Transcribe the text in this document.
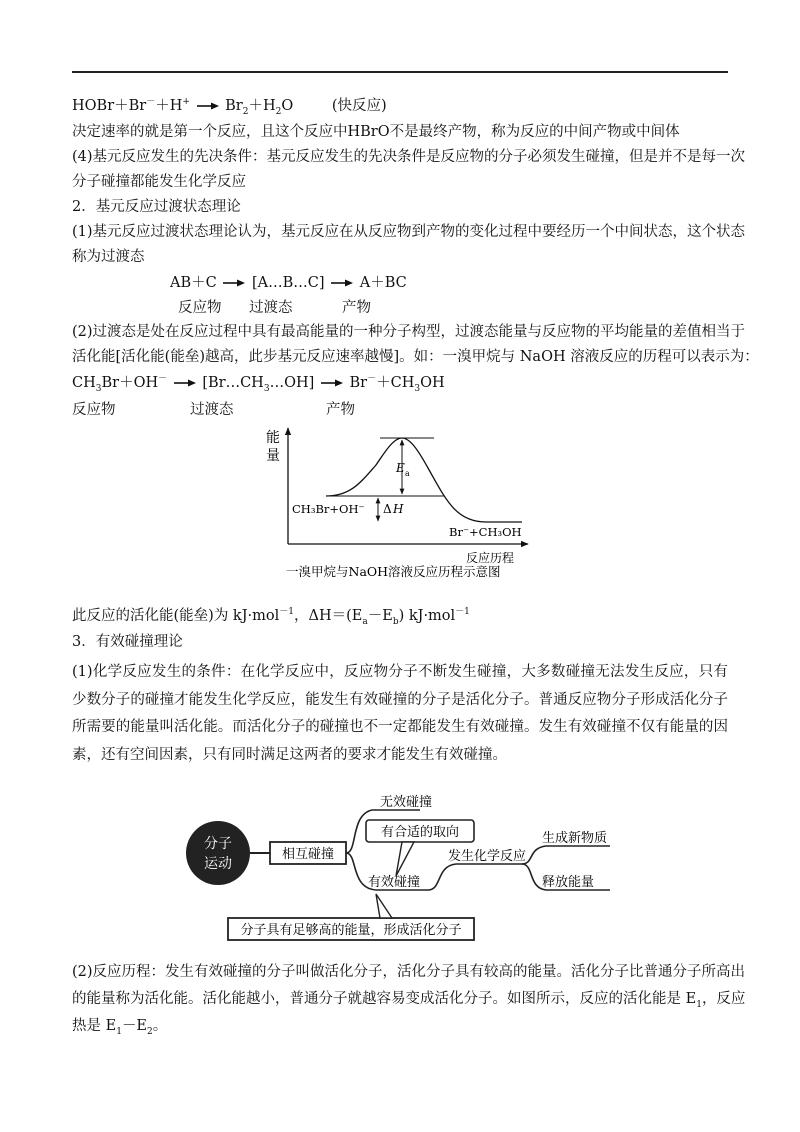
HOBr＋Br－＋H+ → $Br_2+H_2O$	(快反应)
决定速率的就是第一个反应，且这个反应中HBrO不是最终产物，称为反应的中间产物或中间体
(4)基元反应发生的先决条件：基元反应发生的先决条件是反应物的分子必须发生碰撞，但是并不是每一次
分子碰撞都能发生化学反应
2．基元反应过渡状态理论
(1)基元反应过渡状态理论认为，基元反应在从反应物到产物的变化过程中要经历一个中间状态，这个状态
称为过渡态
AB＋C → [A…B…C] → A＋BC
反应物 过渡态	产物
(2)过渡态是处在反应过程中具有最高能量的一种分子构型，过渡态能量与反应物的平均能量的差值相当于
活化能[活化能(能垒)越高，此步基元反应速率越慢]。如：一溴甲烷与 NaOH 溶液反应的历程可以表示为：
$CH_3Br+OH^-$ → $[Br\dots CH_3\dots OH] \to Br^-+CH_3OH$
反应物	过渡态	产物
能
量
E a
Δ H
CH₃Br+OH⁻
Br⁻+CH₃OH
反应历程
一溴甲烷与NaOH溶液反应历程示意图
此反应的活化能(能垒)为 kJ·mol$^{-1}$，$\Delta H=(E_a-E_b)$ kJ·mol$^{-1}$
3．有效碰撞理论
(1)化学反应发生的条件：在化学反应中，反应物分子不断发生碰撞，大多数碰撞无法发生反应，只有少数分子的碰撞才能发生化学反应，能发生有效碰撞的分子是活化分子。普通反应物分子形成活化分子所需要的能量叫活化能。而活化分子的碰撞也不一定都能发生有效碰撞。发生有效碰撞不仅有能量的因素，还有空间因素，只有同时满足这两者的要求才能发生有效碰撞。
分子
运动
相互碰撞
无效碰撞
有效碰撞
有合适的取向
发生化学反应
生成新物质
释放能量
分子具有足够高的能量，形成活化分子
(2)反应历程：发生有效碰撞的分子叫做活化分子，活化分子具有较高的能量。活化分子比普通分子所高出
的能量称为活化能。活化能越小，普通分子就越容易变成活化分子。如图所示，反应的活化能是 $E_1$，反应
热是 $E_1-E_2$。
